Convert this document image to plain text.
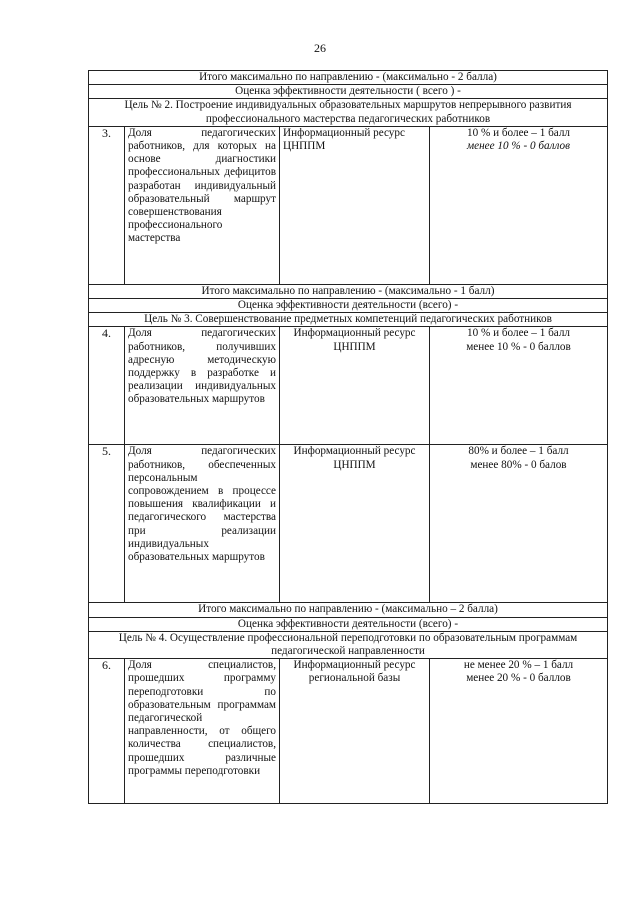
26
Итого максимально по направлению - (максимально - 2 балла)			
Оценка эффективности деятельности ( всего ) -			
Цель № 2. Построение индивидуальных образовательных маршрутов непрерывного развития профессионального мастерства педагогических работников			
3.	Доля педагогических работников, для которых на основе диагностики профессиональных дефицитов разработан индивидуальный образовательный маршрут совершенствования профессионального мастерства	Информационный ресурс ЦНППМ	10 % и более – 1 балл
менее 10 % - 0 баллов

Итого максимально по направлению - (максимально - 1 балл)			
Оценка эффективности деятельности (всего) -			
Цель № 3. Совершенствование предметных компетенций педагогических работников			
4.	Доля педагогических работников, получивших адресную методическую поддержку в разработке и реализации индивидуальных образовательных маршрутов	Информационный ресурс ЦНППМ	10 % и более – 1 балл
менее 10 % - 0 баллов

5.	Доля педагогических работников, обеспеченных персональным сопровождением в процессе повышения квалификации и педагогического мастерства при реализации индивидуальных образовательных маршрутов	Информационный ресурс ЦНППМ	80% и более – 1 балл
менее 80% - 0 балов

Итого максимально по направлению - (максимально – 2 балла)			
Оценка эффективности деятельности (всего) -			
Цель № 4. Осуществление профессиональной переподготовки по образовательным программам педагогической направленности			
6.	Доля специалистов, прошедших программу переподготовки по образовательным программам педагогической направленности, от общего количества специалистов, прошедших различные программы переподготовки	Информационный ресурс региональной базы	не менее 20 % – 1 балл
менее 20 % - 0 баллов
